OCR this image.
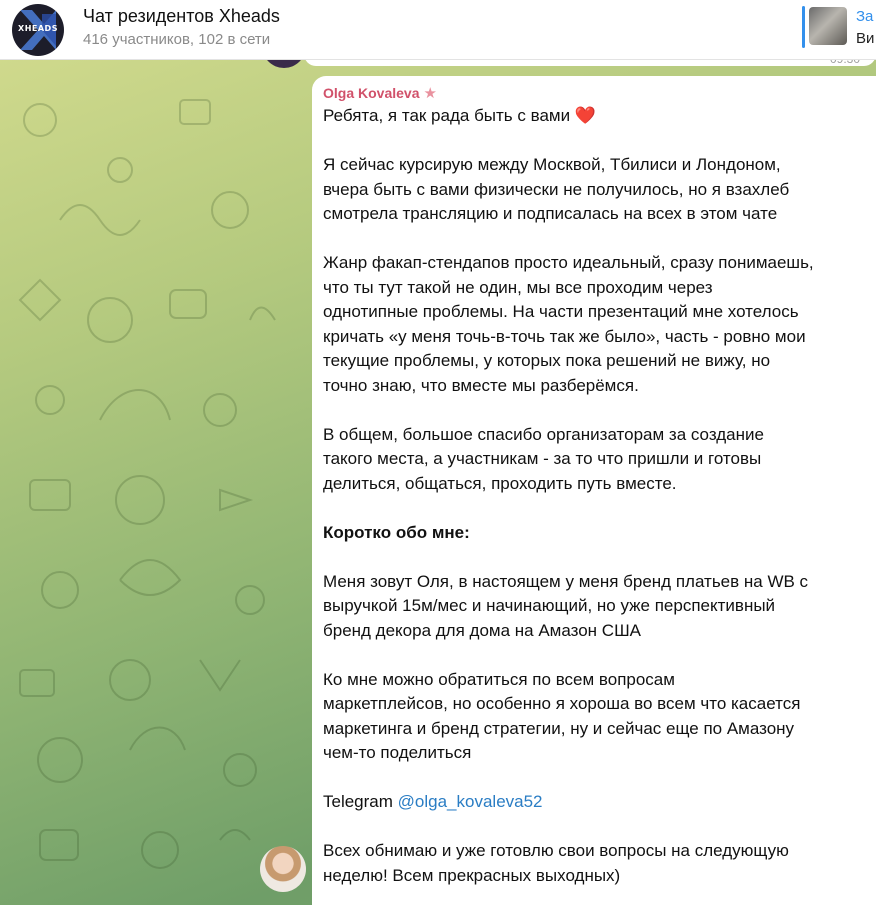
XHEADS
Чат резидентов Xheads
416 участников, 102 в сети
За
Ви
Olga Kovaleva ★

Ребята, я так рада быть с вами ❤️

Я сейчас курсирую между Москвой, Тбилиси и Лондоном,

вчера быть с вами физически не получилось, но я взахлеб

смотрела трансляцию и подписалась на всех в этом чате

Жанр факап-стендапов просто идеальный, сразу понимаешь,

что ты тут такой не один, мы все проходим через

однотипные проблемы. На части презентаций мне хотелось

кричать «у меня точь-в-точь так же было», часть - ровно мои

текущие проблемы, у которых пока решений не вижу, но

точно знаю, что вместе мы разберёмся.

В общем, большое спасибо организаторам за создание

такого места, а участникам - за то что пришли и готовы

делиться, общаться, проходить путь вместе.

Коротко обо мне:

Меня зовут Оля, в настоящем у меня бренд платьев на WB с

выручкой 15м/мес и начинающий, но уже перспективный

бренд декора для дома на Амазон США

Ко мне можно обратиться по всем вопросам

маркетплейсов, но особенно я хороша во всем что касается

маркетинга и бренд стратегии, ну и сейчас еще по Амазону

чем-то поделиться

Telegram @olga_kovaleva52

Всех обнимаю и уже готовлю свои вопросы на следующую

неделю! Всем прекрасных выходных)
